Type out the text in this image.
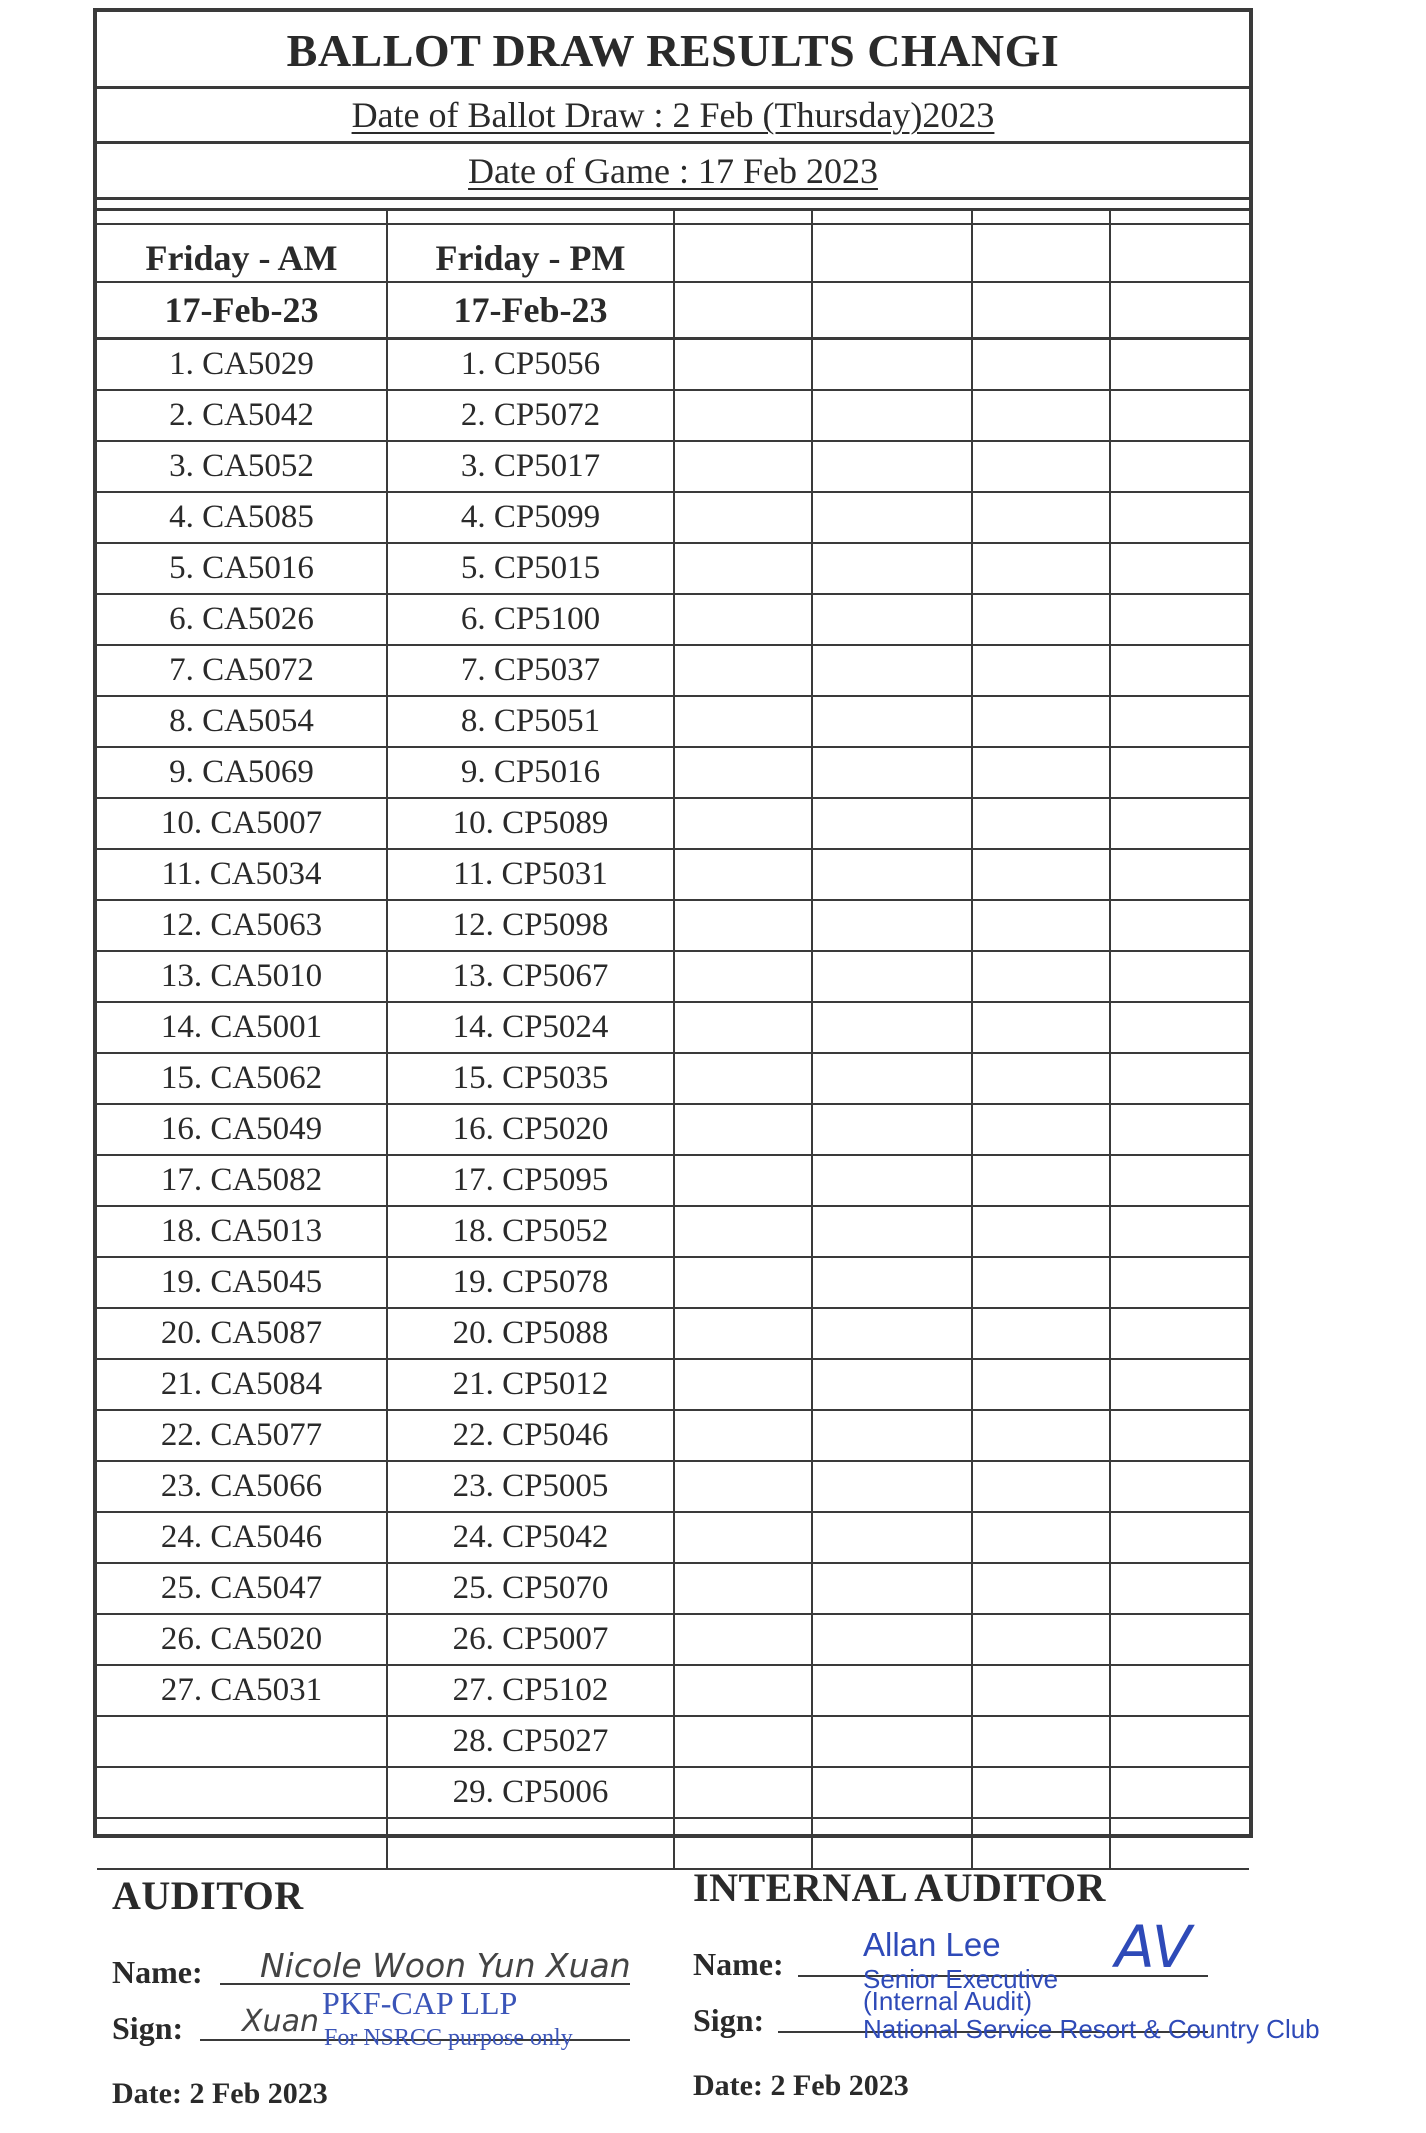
BALLOT DRAW RESULTS CHANGI
Date of Ballot Draw : 2 Feb (Thursday)2023
Date of Game : 17 Feb 2023

Friday - AM	Friday - PM				
17-Feb-23	17-Feb-23				
1. CA5029	1. CP5056				
2. CA5042	2. CP5072				
3. CA5052	3. CP5017				
4. CA5085	4. CP5099				
5. CA5016	5. CP5015				
6. CA5026	6. CP5100				
7. CA5072	7. CP5037				
8. CA5054	8. CP5051				
9. CA5069	9. CP5016				
10. CA5007	10. CP5089				
11. CA5034	11. CP5031				
12. CA5063	12. CP5098				
13. CA5010	13. CP5067				
14. CA5001	14. CP5024				
15. CA5062	15. CP5035				
16. CA5049	16. CP5020				
17. CA5082	17. CP5095				
18. CA5013	18. CP5052				
19. CA5045	19. CP5078				
20. CA5087	20. CP5088				
21. CA5084	21. CP5012				
22. CA5077	22. CP5046				
23. CA5066	23. CP5005				
24. CA5046	24. CP5042				
25. CA5047	25. CP5070				
26. CA5020	26. CP5007				
27. CA5031	27. CP5102				
	28. CP5027				
	29. CP5006				

AUDITOR
Name: Nicole Woon Yun Xuan
Sign: Xuan
PKF-CAP LLP
For NSRCC purpose only
Date: 2 Feb 2023
INTERNAL AUDITOR
Name:
Allan Lee
Senior Executive AV
Sign:
(Internal Audit)
National Service Resort & Country Club
Date: 2 Feb 2023
